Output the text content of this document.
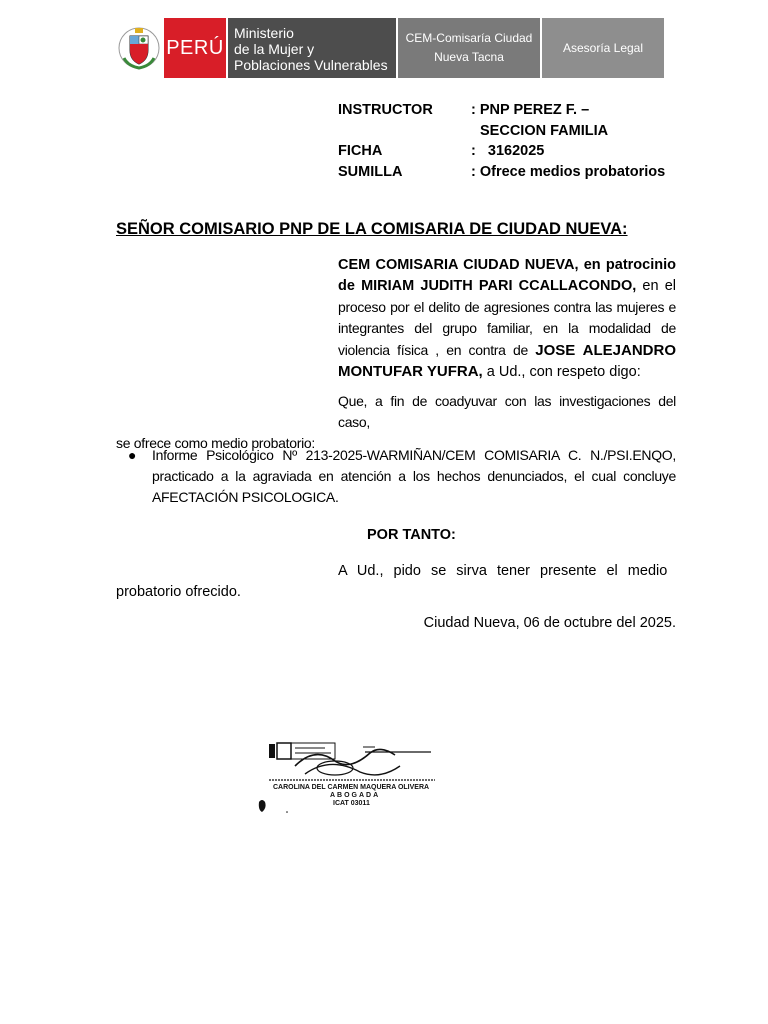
PERÚ
Ministerio
de la Mujer y
Poblaciones Vulnerables
CEM-Comisaría Ciudad
Nueva Tacna
Asesoría Legal
INSTRUCTOR	: PNP PEREZ F. –
SECCION FAMILIA
FICHA	:   3162025
SUMILLA	: Ofrece medios probatorios
SEÑOR COMISARIO PNP DE LA COMISARIA DE CIUDAD NUEVA:
CEM COMISARIA CIUDAD NUEVA, en patrocinio de MIRIAM JUDITH PARI CCALLACONDO, en el proceso por el delito de agresiones contra las mujeres e integrantes del grupo familiar, en la modalidad de violencia física , en contra de JOSE ALEJANDRO MONTUFAR YUFRA, a Ud., con respeto digo:
Que, a fin de coadyuvar con las investigaciones del caso,
se ofrece como medio probatorio:
●	Informe Psicológico Nº 213-2025-WARMIÑAN/CEM COMISARIA C. N./PSI.ENQO, practicado a la agraviada en atención a los hechos denunciados, el cual concluye AFECTACIÓN PSICOLOGICA.
POR TANTO:
A Ud., pido se sirva tener presente el medio
probatorio ofrecido.
Ciudad Nueva, 06 de octubre del 2025.
CAROLINA DEL CARMEN MAQUERA OLIVERA
ABOGADA
ICAT 03011
